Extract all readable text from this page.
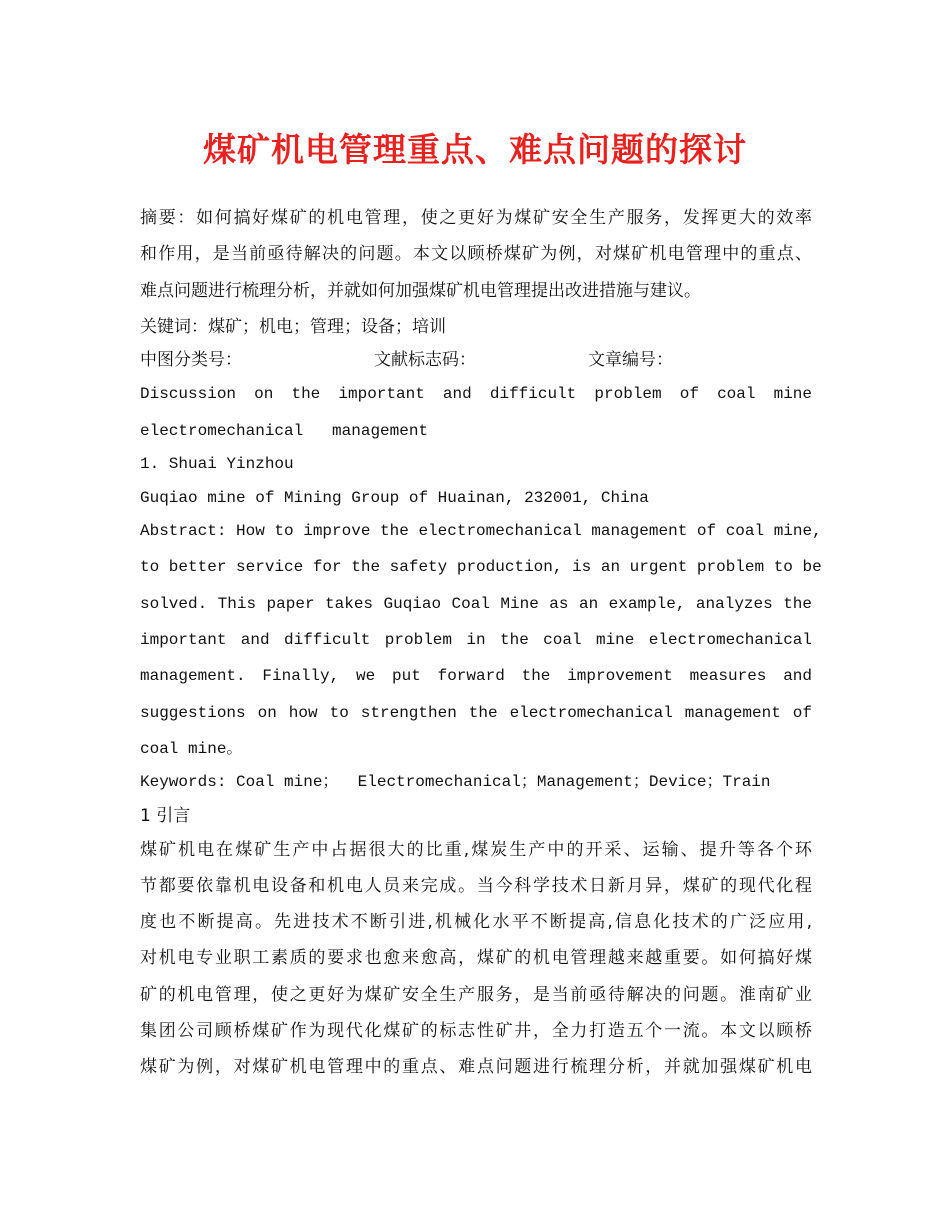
煤矿机电管理重点、难点问题的探讨
摘要：如何搞好煤矿的机电管理，使之更好为煤矿安全生产服务，发挥更大的效率
和作用，是当前亟待解决的问题。本文以顾桥煤矿为例，对煤矿机电管理中的重点、
难点问题进行梳理分析，并就如何加强煤矿机电管理提出改进措施与建议。
关键词：煤矿；机电；管理；设备；培训
中图分类号：	文献标志码：	文章编号：
Discussion on the important and difficult problem of coal mine
electromechanical   management
1. Shuai Yinzhou
Guqiao mine of Mining Group of Huainan, 232001, China
Abstract: How to improve the electromechanical management of coal mine,
to better service for the safety production, is an urgent problem to be
solved. This paper takes Guqiao Coal Mine as an example, analyzes the
important and difficult problem in the coal mine electromechanical
management. Finally, we put forward the improvement measures and
suggestions on how to strengthen the electromechanical management of
coal mine。
Keywords: Coal mine；  Electromechanical；Management；Device；Train
1 引言
煤矿机电在煤矿生产中占据很大的比重,煤炭生产中的开采、运输、提升等各个环
节都要依靠机电设备和机电人员来完成。当今科学技术日新月异，煤矿的现代化程
度也不断提高。先进技术不断引进,机械化水平不断提高,信息化技术的广泛应用,
对机电专业职工素质的要求也愈来愈高，煤矿的机电管理越来越重要。如何搞好煤
矿的机电管理，使之更好为煤矿安全生产服务，是当前亟待解决的问题。淮南矿业
集团公司顾桥煤矿作为现代化煤矿的标志性矿井，全力打造五个一流。本文以顾桥
煤矿为例，对煤矿机电管理中的重点、难点问题进行梳理分析，并就加强煤矿机电
